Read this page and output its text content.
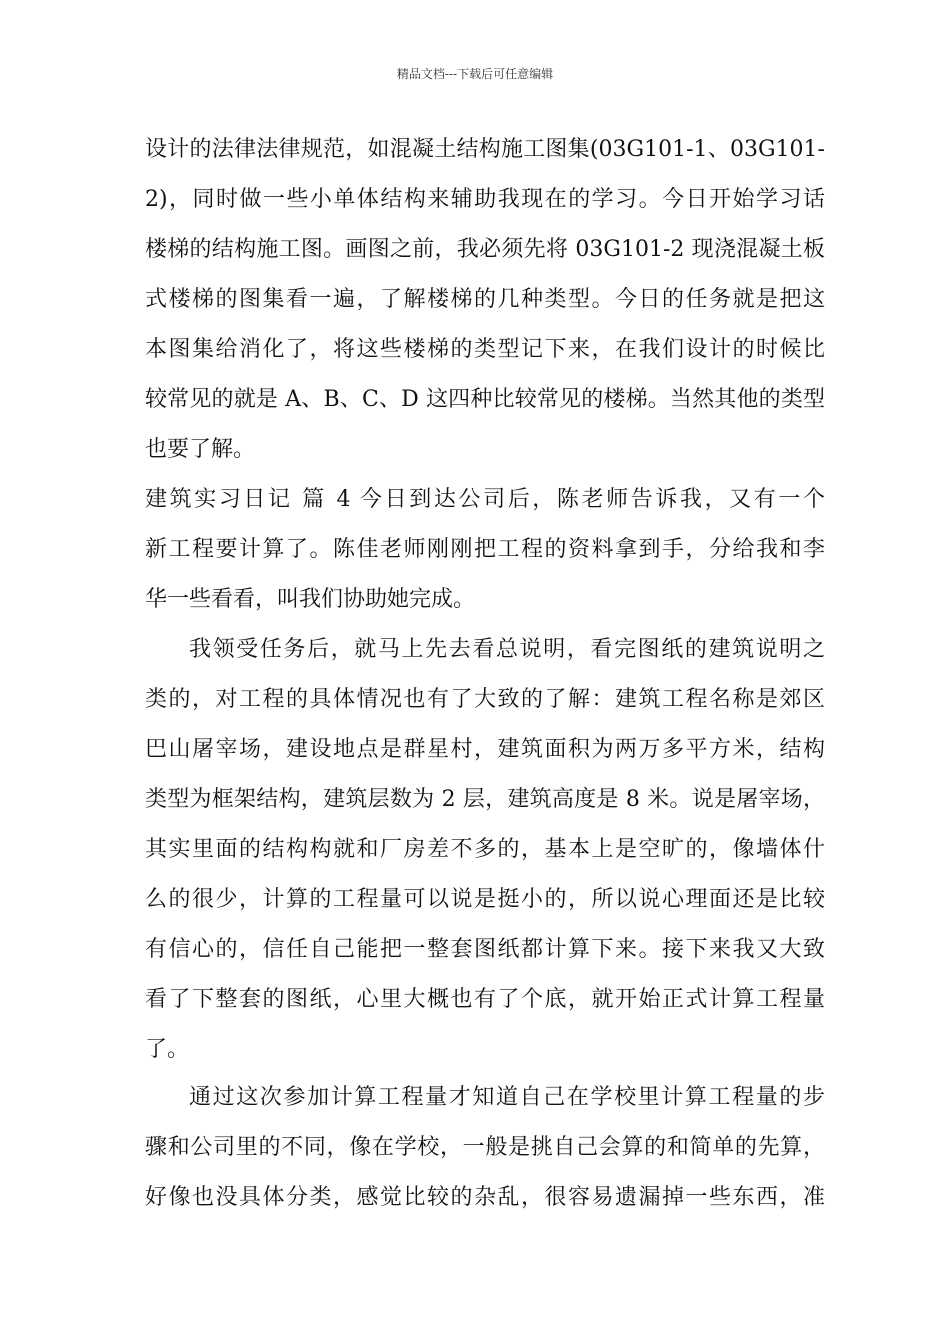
精品文档---下载后可任意编辑
设计的法律法律规范，如混凝土结构施工图集(03G101-1、03G101-
2)，同时做一些小单体结构来辅助我现在的学习。今日开始学习话
楼梯的结构施工图。画图之前，我必须先将 03G101-2 现浇混凝土板
式楼梯的图集看一遍，了解楼梯的几种类型。今日的任务就是把这
本图集给消化了，将这些楼梯的类型记下来，在我们设计的时候比
较常见的就是 A、B、C、D 这四种比较常见的楼梯。当然其他的类型
也要了解。
建筑实习日记 篇 4 今日到达公司后，陈老师告诉我，又有一个
新工程要计算了。陈佳老师刚刚把工程的资料拿到手，分给我和李
华一些看看，叫我们协助她完成。
我领受任务后，就马上先去看总说明，看完图纸的建筑说明之
类的，对工程的具体情况也有了大致的了解：建筑工程名称是郊区
巴山屠宰场，建设地点是群星村，建筑面积为两万多平方米，结构
类型为框架结构，建筑层数为 2 层，建筑高度是 8 米。说是屠宰场，
其实里面的结构构就和厂房差不多的，基本上是空旷的，像墙体什
么的很少，计算的工程量可以说是挺小的，所以说心理面还是比较
有信心的，信任自己能把一整套图纸都计算下来。接下来我又大致
看了下整套的图纸，心里大概也有了个底，就开始正式计算工程量
了。
通过这次参加计算工程量才知道自己在学校里计算工程量的步
骤和公司里的不同，像在学校，一般是挑自己会算的和简单的先算，
好像也没具体分类，感觉比较的杂乱，很容易遗漏掉一些东西，准
